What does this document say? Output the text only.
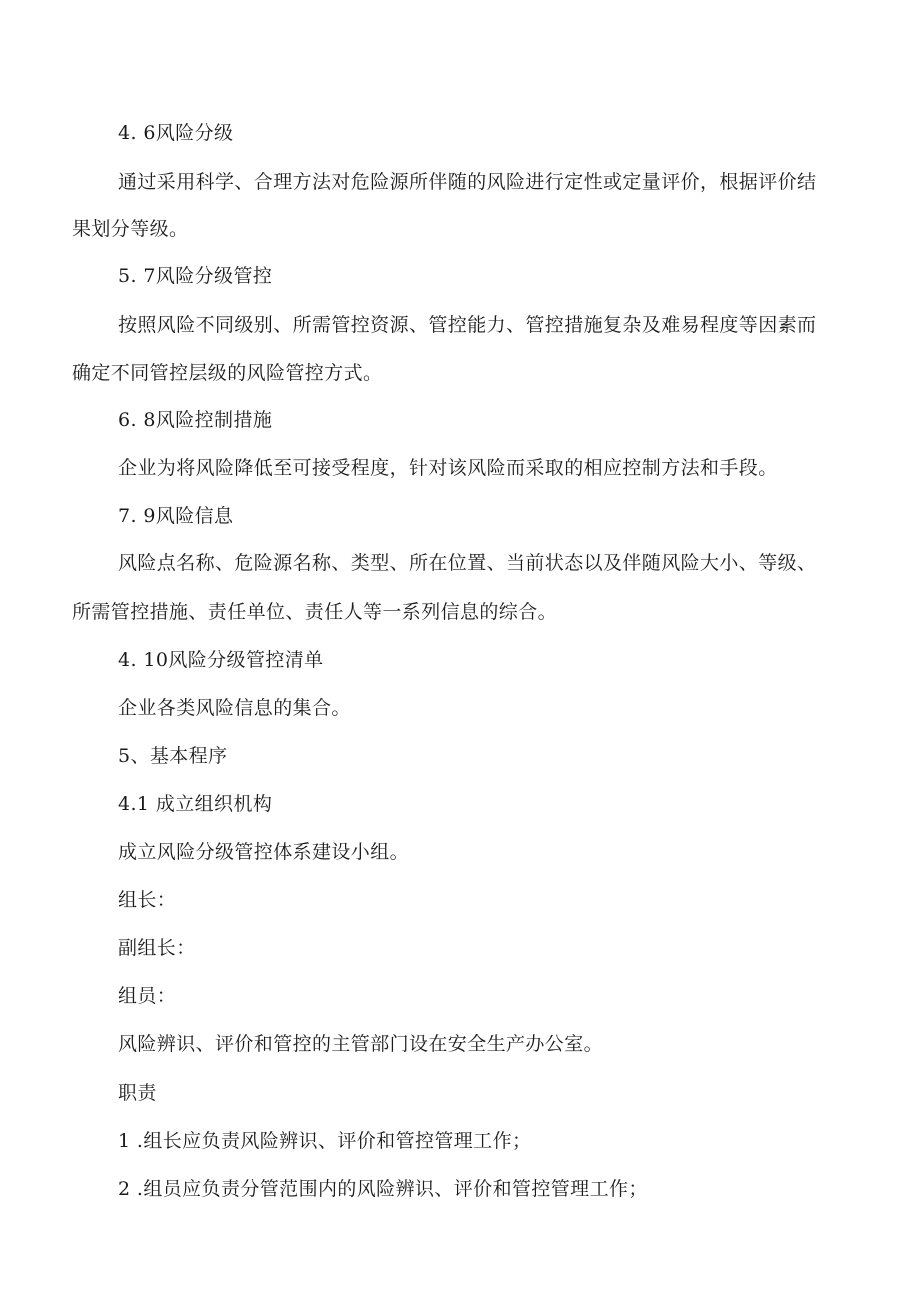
4. 6风险分级
通过采用科学、合理方法对危险源所伴随的风险进行定性或定量评价，根据评价结
果划分等级。
5. 7风险分级管控
按照风险不同级别、所需管控资源、管控能力、管控措施复杂及难易程度等因素而
确定不同管控层级的风险管控方式。
6. 8风险控制措施
企业为将风险降低至可接受程度，针对该风险而采取的相应控制方法和手段。
7. 9风险信息
风险点名称、危险源名称、类型、所在位置、当前状态以及伴随风险大小、等级、
所需管控措施、责任单位、责任人等一系列信息的综合。
4. 10风险分级管控清单
企业各类风险信息的集合。
5、基本程序
4.1 成立组织机构
成立风险分级管控体系建设小组。
组长：
副组长：
组员：
风险辨识、评价和管控的主管部门设在安全生产办公室。
职责
1 .组长应负责风险辨识、评价和管控管理工作；
2 .组员应负责分管范围内的风险辨识、评价和管控管理工作；
